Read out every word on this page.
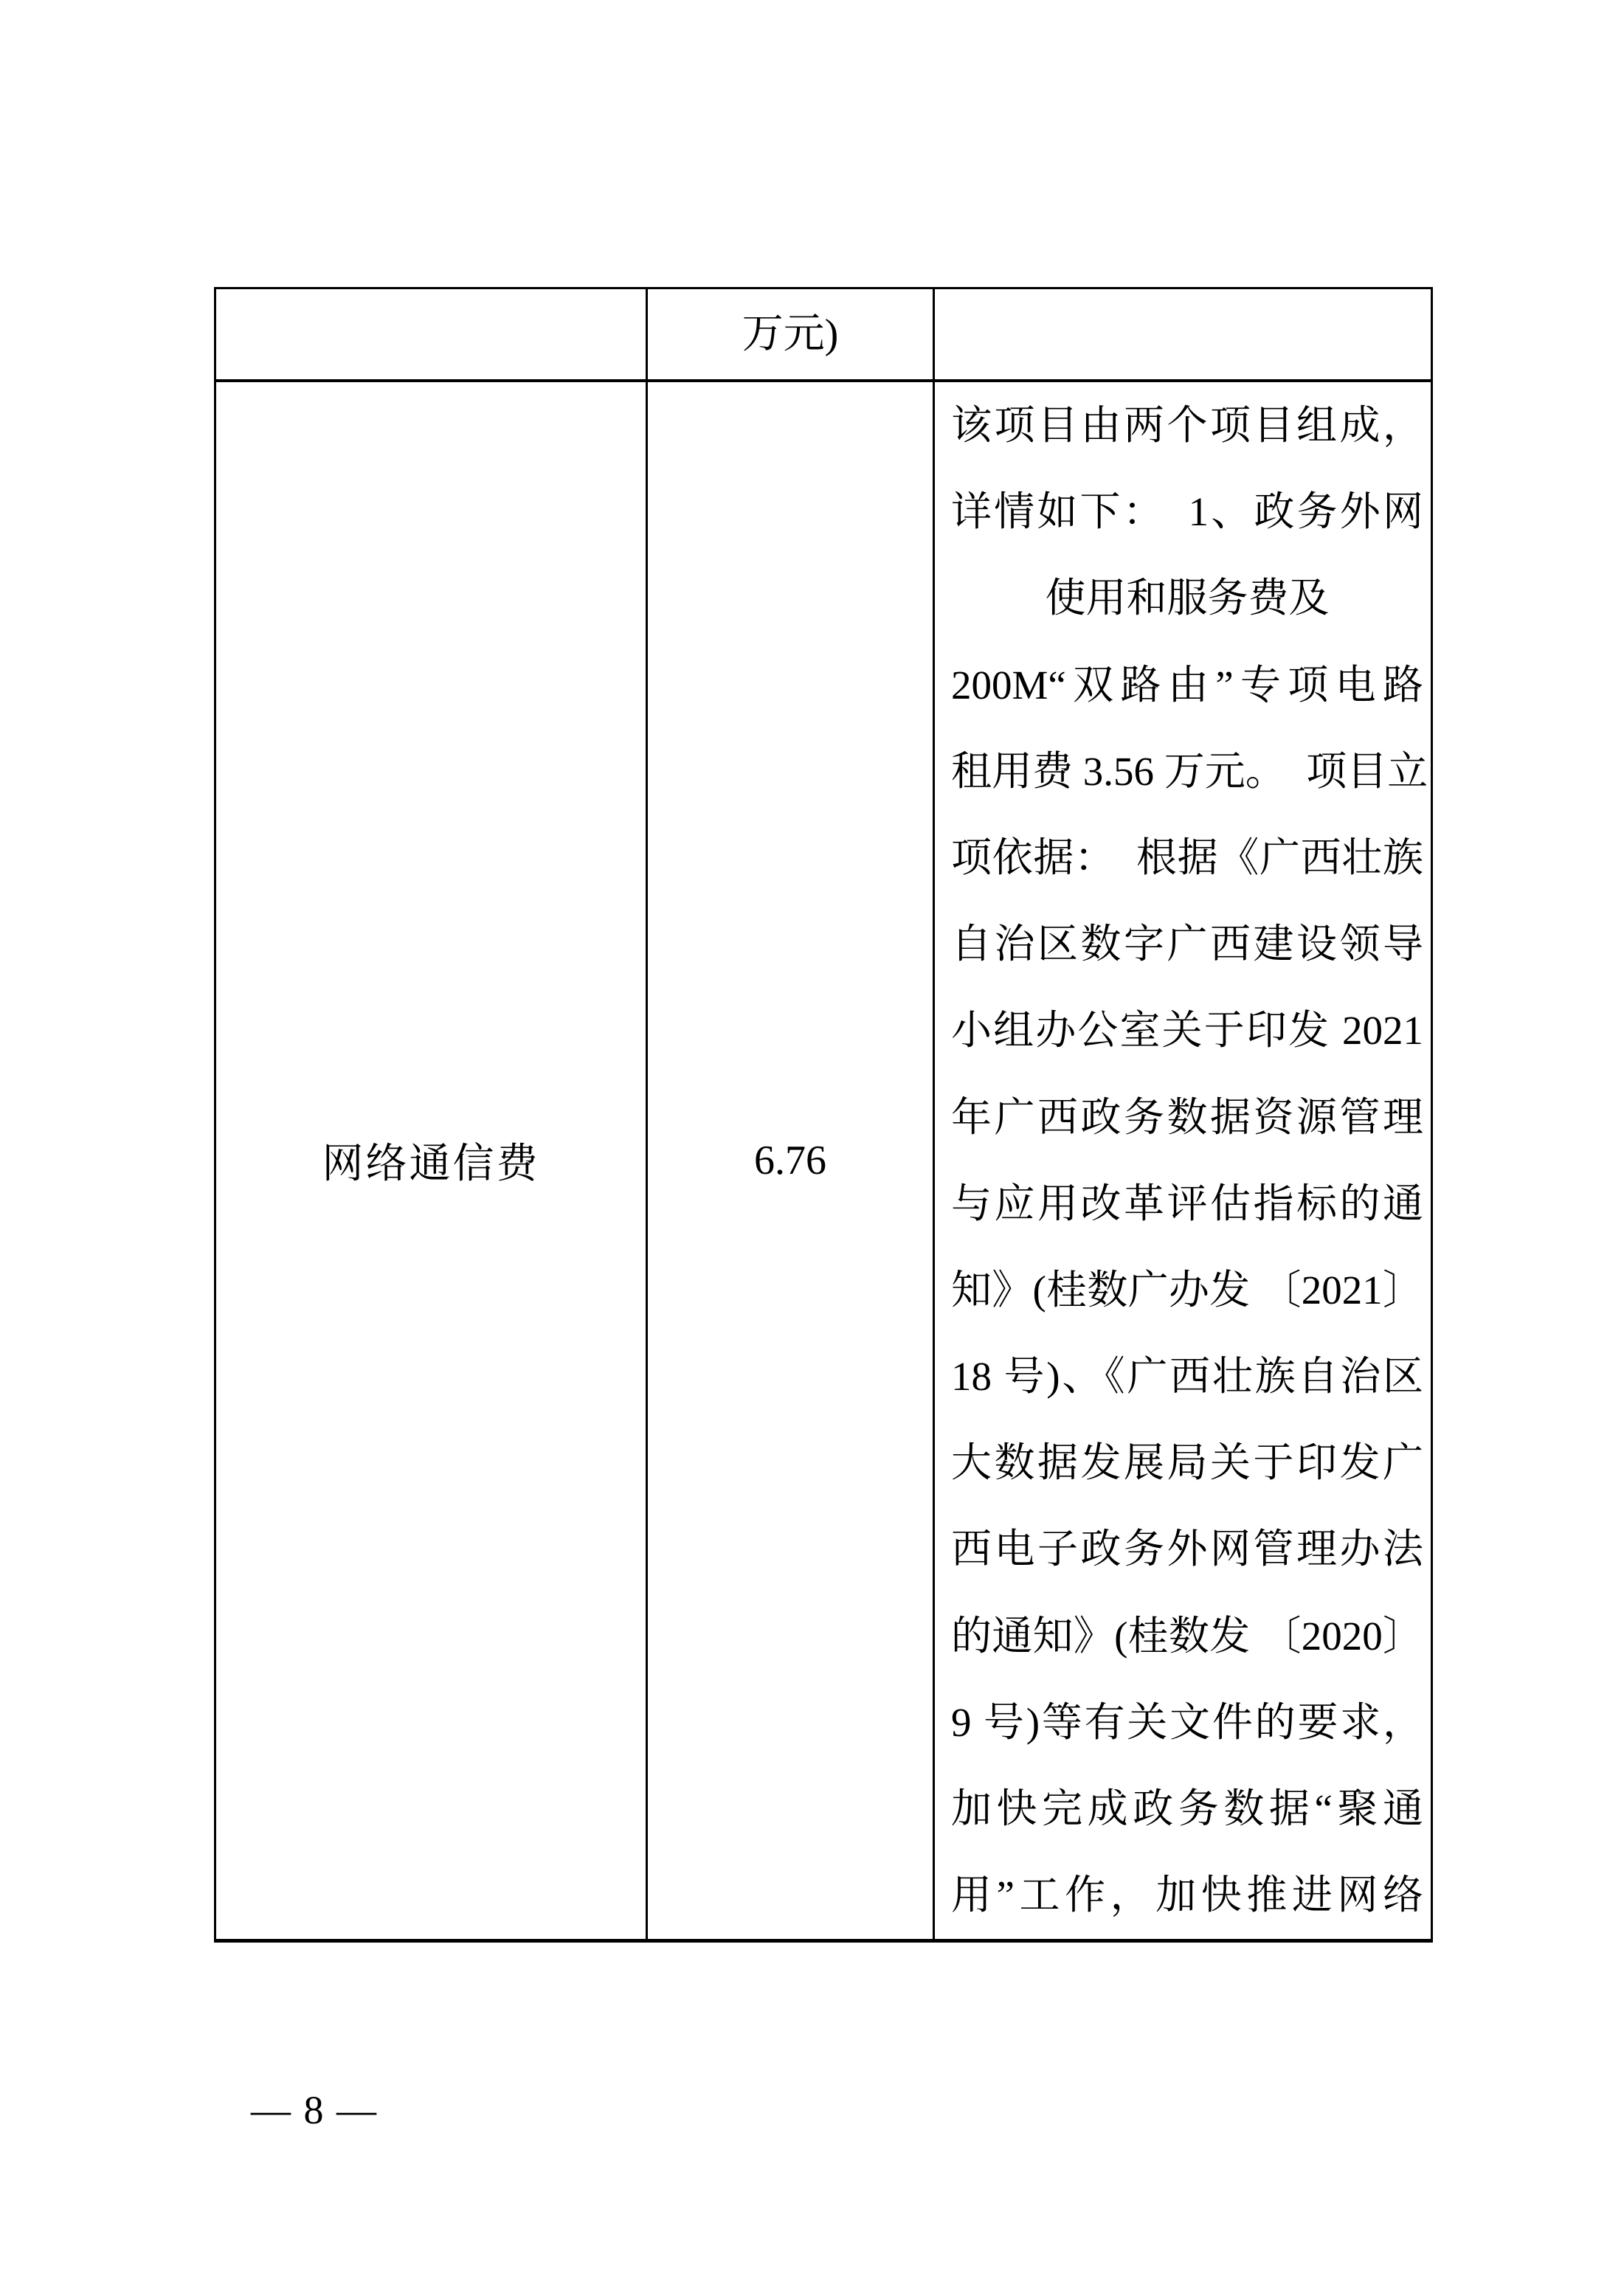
万元)
网络通信费	6.76
该项目由两个项目组成，
详情如下：　1、政务外网
使用和服务费及
200M“双路由”专项电路
租用费 3.56 万元。　项目立
项依据：　根据《广西壮族
自治区数字广西建设领导
小组办公室关于印发 2021
年广西政务数据资源管理
与应用改革评估指标的通
知》(桂数广办发 〔2021〕
18 号)、《广西壮族自治区
大数据发展局关于印发广
西电子政务外网管理办法
的通知》(桂数发 〔2020〕
9 号)等有关文件的要求，
加快完成政务数据“聚通
用”工作，加快推进网络
— 8 —
